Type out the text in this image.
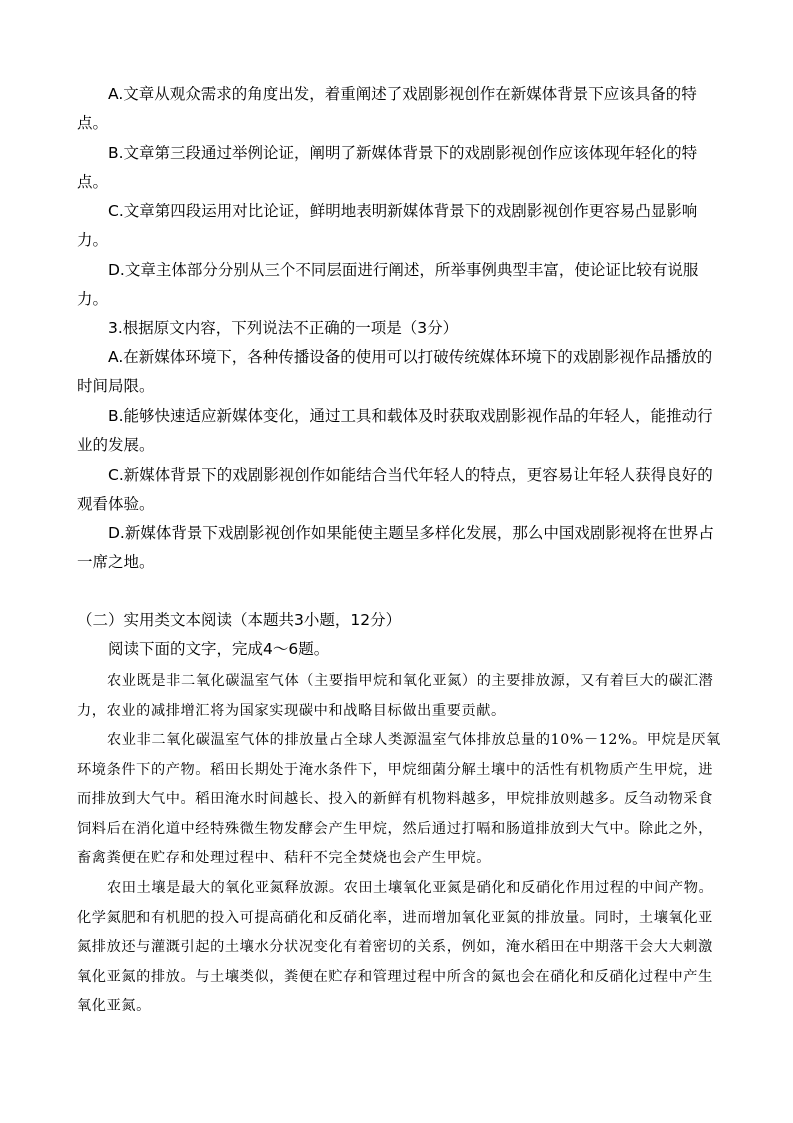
A.文章从观众需求的角度出发，着重阐述了戏剧影视创作在新媒体背景下应该具备的特点。

B.文章第三段通过举例论证，阐明了新媒体背景下的戏剧影视创作应该体现年轻化的特点。

C.文章第四段运用对比论证，鲜明地表明新媒体背景下的戏剧影视创作更容易凸显影响力。

D.文章主体部分分别从三个不同层面进行阐述，所举事例典型丰富，使论证比较有说服力。

3.根据原文内容，下列说法不正确的一项是（3分）

A.在新媒体环境下，各种传播设备的使用可以打破传统媒体环境下的戏剧影视作品播放的时间局限。

B.能够快速适应新媒体变化，通过工具和载体及时获取戏剧影视作品的年轻人，能推动行业的发展。

C.新媒体背景下的戏剧影视创作如能结合当代年轻人的特点，更容易让年轻人获得良好的观看体验。

D.新媒体背景下戏剧影视创作如果能使主题呈多样化发展，那么中国戏剧影视将在世界占一席之地。

（二）实用类文本阅读（本题共3小题，12分）

阅读下面的文字，完成4～6题。

农业既是非二氧化碳温室气体（主要指甲烷和氧化亚氮）的主要排放源，又有着巨大的碳汇潜力，农业的减排增汇将为国家实现碳中和战略目标做出重要贡献。

农业非二氧化碳温室气体的排放量占全球人类源温室气体排放总量的10%－12%。甲烷是厌氧环境条件下的产物。稻田长期处于淹水条件下，甲烷细菌分解土壤中的活性有机物质产生甲烷，进而排放到大气中。稻田淹水时间越长、投入的新鲜有机物料越多，甲烷排放则越多。反刍动物采食饲料后在消化道中经特殊微生物发酵会产生甲烷，然后通过打嗝和肠道排放到大气中。除此之外，畜禽粪便在贮存和处理过程中、秸秆不完全焚烧也会产生甲烷。

农田土壤是最大的氧化亚氮释放源。农田土壤氧化亚氮是硝化和反硝化作用过程的中间产物。化学氮肥和有机肥的投入可提高硝化和反硝化率，进而增加氧化亚氮的排放量。同时，土壤氧化亚氮排放还与灌溉引起的土壤水分状况变化有着密切的关系，例如，淹水稻田在中期落干会大大刺激氧化亚氮的排放。与土壤类似，粪便在贮存和管理过程中所含的氮也会在硝化和反硝化过程中产生氧化亚氮。
